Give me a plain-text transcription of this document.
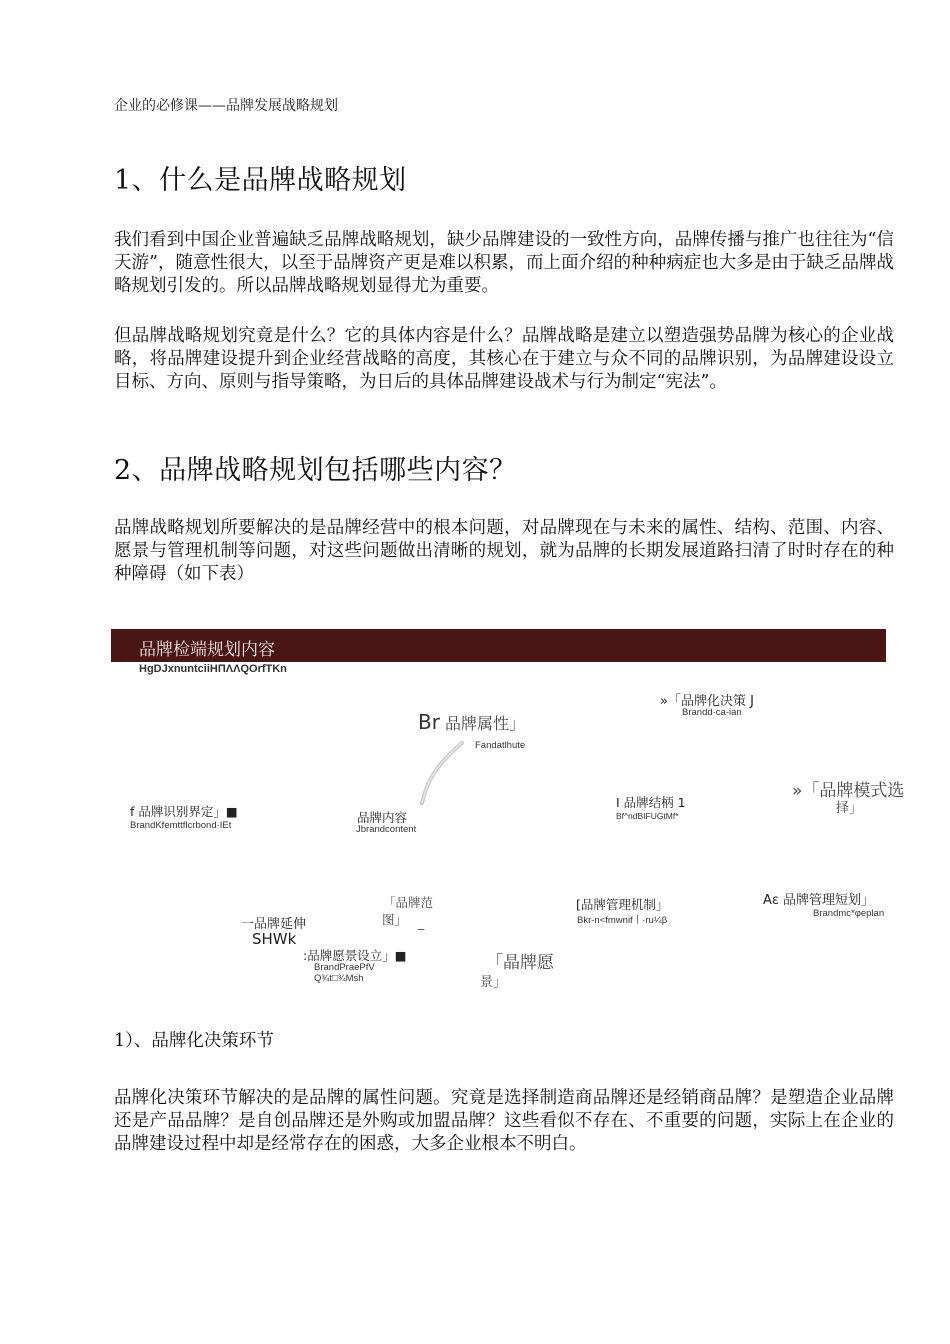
企业的必修课——品牌发展战略规划
1、什么是品牌战略规划

我们看到中国企业普遍缺乏品牌战略规划，缺少品牌建设的一致性方向，品牌传播与推广也往往为“信天游”，随意性很大，以至于品牌资产更是难以积累，而上面介绍的种种病症也大多是由于缺乏品牌战略规划引发的。所以品牌战略规划显得尤为重要。

但品牌战略规划究竟是什么？它的具体内容是什么？品牌战略是建立以塑造强势品牌为核心的企业战略，将品牌建设提升到企业经营战略的高度，其核心在于建立与众不同的品牌识别，为品牌建设设立目标、方向、原则与指导策略，为日后的具体品牌建设战术与行为制定“宪法”。

2、品牌战略规划包括哪些内容？

品牌战略规划所要解决的是品牌经营中的根本问题，对品牌现在与未来的属性、结构、范围、内容、愿景与管理机制等问题，对这些问题做出清晰的规划，就为品牌的长期发展道路扫清了时时存在的种种障碍（如下表）

品牌检端规划内容
HgDJxnuntciiHΠΛΛQOrfTKn
»「品牌化决策 J
Brandd·ca-ian
Br 品牌属性」
Fandatlhute
»「品牌模式选
择」
f 品牌识别界定」■
BrandKfemttflcrbond·IEt
品牌内容
Jbrandcontent
I 品牌结柄 1
Bf^ndBIFUGtMf*
「品牌范
图」 _
[品牌管理机制」
Bkr-n<fmwnif丨·ru¼β
Aε 品牌管理短划」
Brandmc*φeplan
一品牌延伸
SHWk
:品牌愿景设立」■
BrandPraePfV
Q¾t□¾Msh
「晶牌愿
景」
1）、品牌化决策环节

品牌化决策环节解决的是品牌的属性问题。究竟是选择制造商品牌还是经销商品牌？是塑造企业品牌还是产品品牌？是自创品牌还是外购或加盟品牌？这些看似不存在、不重要的问题，实际上在企业的品牌建设过程中却是经常存在的困惑，大多企业根本不明白。
